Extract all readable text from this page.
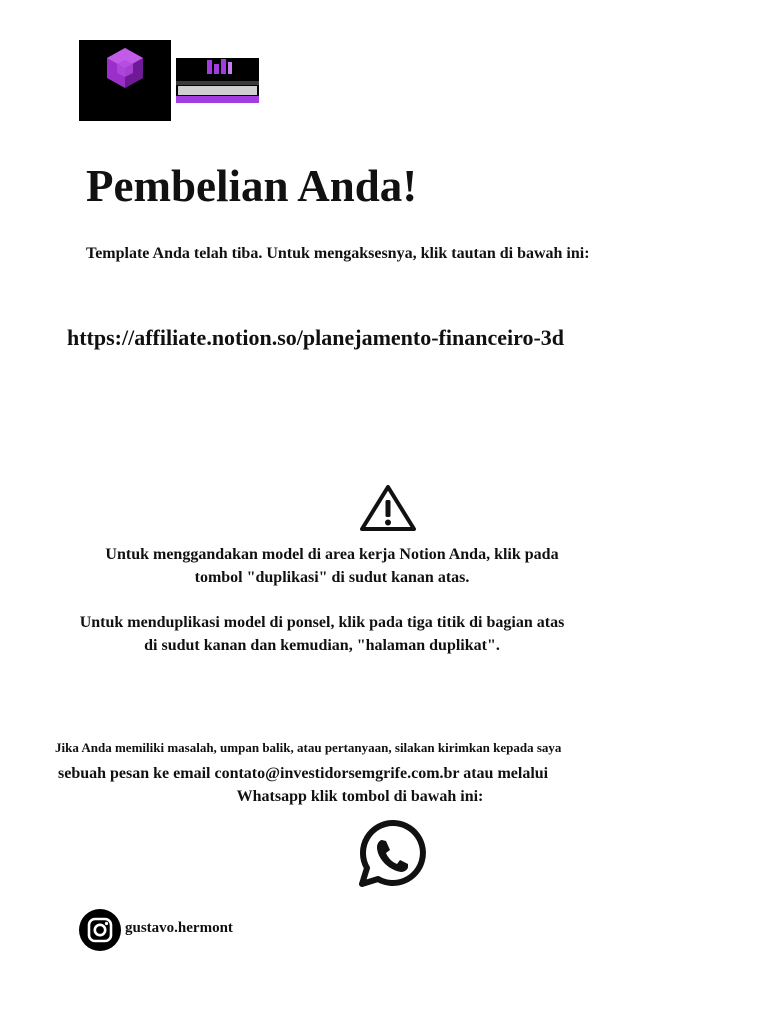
Pembelian Anda!
Template Anda telah tiba. Untuk mengaksesnya, klik tautan di bawah ini:
https://affiliate.notion.so/planejamento-financeiro-3d
Untuk menggandakan model di area kerja Notion Anda, klik pada
tombol "duplikasi" di sudut kanan atas.
Untuk menduplikasi model di ponsel, klik pada tiga titik di bagian atas
di sudut kanan dan kemudian, "halaman duplikat".
Jika Anda memiliki masalah, umpan balik, atau pertanyaan, silakan kirimkan kepada saya
sebuah pesan ke email contato@investidorsemgrife.com.br atau melalui
Whatsapp klik tombol di bawah ini:
gustavo.hermont
